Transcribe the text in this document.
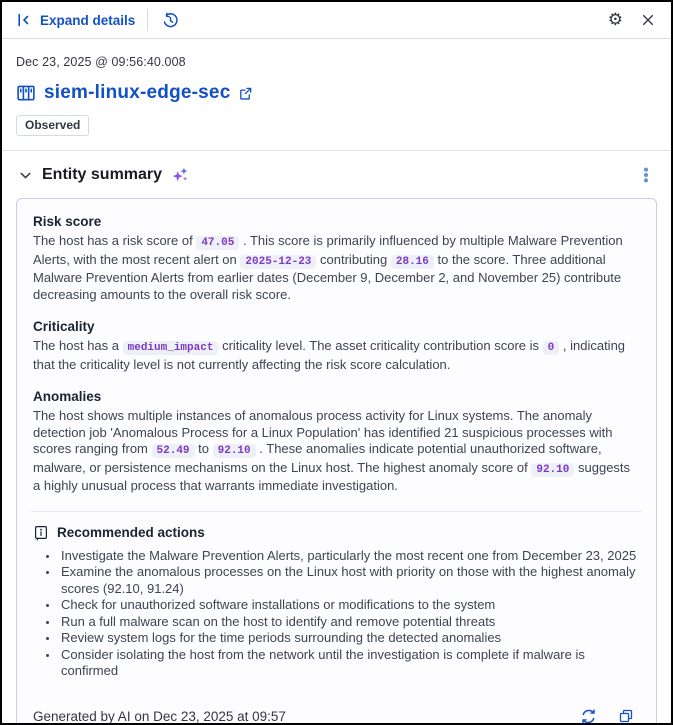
Expand details	⚙
Dec 23, 2025 @ 09:56:40.008
siem-linux-edge-sec
Observed
Entity summary
Risk score

The host has a risk score of 47.05 . This score is primarily influenced by multiple Malware Prevention Alerts, with the most recent alert on 2025-12-23 contributing 28.16 to the score. Three additional Malware Prevention Alerts from earlier dates (December 9, December 2, and November 25) contribute decreasing amounts to the overall risk score.

Criticality

The host has a medium_impact criticality level. The asset criticality contribution score is 0 , indicating that the criticality level is not currently affecting the risk score calculation.

Anomalies

The host shows multiple instances of anomalous process activity for Linux systems. The anomaly detection job 'Anomalous Process for a Linux Population' has identified 21 suspicious processes with scores ranging from 52.49 to 92.10 . These anomalies indicate potential unauthorized software, malware, or persistence mechanisms on the Linux host. The highest anomaly score of 92.10 suggests a highly unusual process that warrants immediate investigation.

Recommended actions
• Investigate the Malware Prevention Alerts, particularly the most recent one from December 23, 2025
• Examine the anomalous processes on the Linux host with priority on those with the highest anomaly scores (92.10, 91.24)
• Check for unauthorized software installations or modifications to the system
• Run a full malware scan on the host to identify and remove potential threats
• Review system logs for the time periods surrounding the detected anomalies
• Consider isolating the host from the network until the investigation is complete if malware is confirmed
Generated by AI on Dec 23, 2025 at 09:57
